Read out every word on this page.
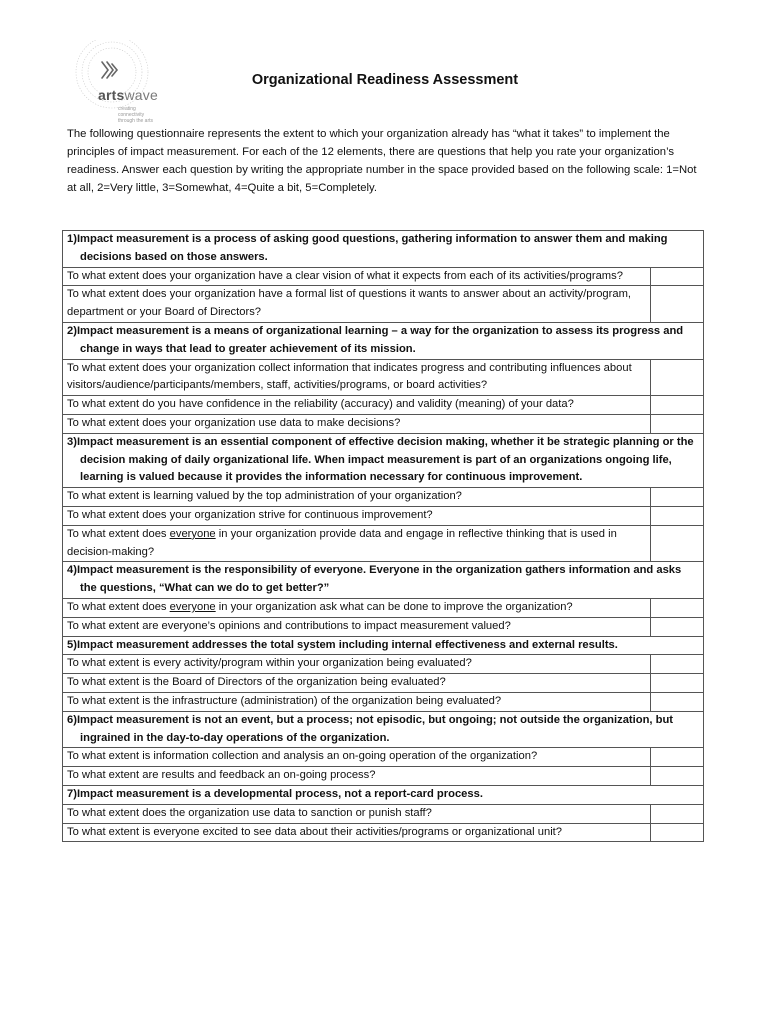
artswave
creating connectivity through the arts
Organizational Readiness Assessment

The following questionnaire represents the extent to which your organization already has “what it takes” to implement the principles of impact measurement. For each of the 12 elements, there are questions that help you rate your organization’s readiness. Answer each question by writing the appropriate number in the space provided based on the following scale: 1=Not at all, 2=Very little, 3=Somewhat, 4=Quite a bit, 5=Completely.

1)Impact measurement is a process of asking good questions, gathering information to answer them and making decisions based on those answers.	

To what extent does your organization have a clear vision of what it expects from each of its activities/programs?	
To what extent does your organization have a formal list of questions it wants to answer about an activity/program, department or your Board of Directors?	

2)Impact measurement is a means of organizational learning – a way for the organization to assess its progress and change in ways that lead to greater achievement of its mission.	

To what extent does your organization collect information that indicates progress and contributing influences about visitors/audience/participants/members, staff, activities/programs, or board activities?	
To what extent do you have confidence in the reliability (accuracy) and validity (meaning) of your data?	
To what extent does your organization use data to make decisions?	

3)Impact measurement is an essential component of effective decision making, whether it be strategic planning or the decision making of daily organizational life. When impact measurement is part of an organizations ongoing life, learning is valued because it provides the information necessary for continuous improvement.	

To what extent is learning valued by the top administration of your organization?	
To what extent does your organization strive for continuous improvement?	
To what extent does everyone in your organization provide data and engage in reflective thinking that is used in decision-making?	

4)Impact measurement is the responsibility of everyone. Everyone in the organization gathers information and asks the questions, “What can we do to get better?”	

To what extent does everyone in your organization ask what can be done to improve the organization?	
To what extent are everyone’s opinions and contributions to impact measurement valued?	

5)Impact measurement addresses the total system including internal effectiveness and external results.	

To what extent is every activity/program within your organization being evaluated?	
To what extent is the Board of Directors of the organization being evaluated?	
To what extent is the infrastructure (administration) of the organization being evaluated?	

6)Impact measurement is not an event, but a process; not episodic, but ongoing; not outside the organization, but ingrained in the day-to-day operations of the organization.	

To what extent is information collection and analysis an on-going operation of the organization?	
To what extent are results and feedback an on-going process?	

7)Impact measurement is a developmental process, not a report-card process.	

To what extent does the organization use data to sanction or punish staff?	
To what extent is everyone excited to see data about their activities/programs or organizational unit?	
